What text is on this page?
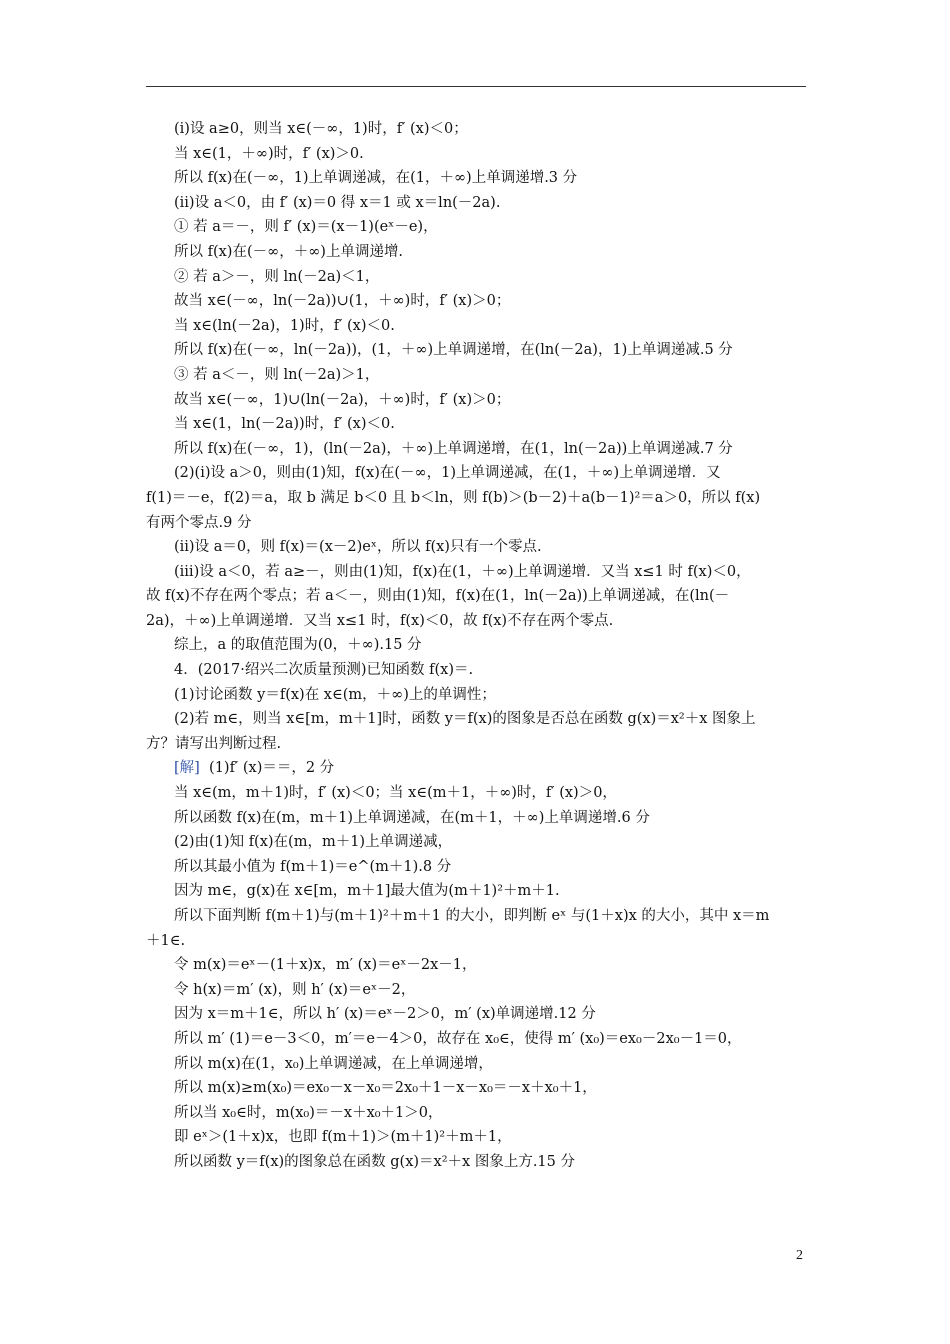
(ⅰ)设 a≥0，则当 x∈(－∞，1)时，f′ (x)＜0；
当 x∈(1，＋∞)时，f′ (x)＞0.
所以 f(x)在(－∞，1)上单调递减，在(1，＋∞)上单调递增.3 分
(ⅱ)设 a＜0，由 f′ (x)＝0 得 x＝1 或 x＝ln(－2a).
① 若 a＝－，则 f′ (x)＝(x－1)(eˣ－e)，
所以 f(x)在(－∞，＋∞)上单调递增.
② 若 a＞－，则 ln(－2a)＜1，
故当 x∈(－∞，ln(－2a))∪(1，＋∞)时，f′ (x)＞0；
当 x∈(ln(－2a)，1)时，f′ (x)＜0.
所以 f(x)在(－∞，ln(－2a))，(1，＋∞)上单调递增，在(ln(－2a)，1)上单调递减.5 分
③ 若 a＜－，则 ln(－2a)＞1，
故当 x∈(－∞，1)∪(ln(－2a)，＋∞)时，f′ (x)＞0；
当 x∈(1，ln(－2a))时，f′ (x)＜0.
所以 f(x)在(－∞，1)，(ln(－2a)，＋∞)上单调递增，在(1，ln(－2a))上单调递减.7 分
(2)(ⅰ)设 a＞0，则由(1)知，f(x)在(－∞，1)上单调递减，在(1，＋∞)上单调递增．又
f(1)＝－e，f(2)＝a，取 b 满足 b＜0 且 b＜ln，则 f(b)＞(b－2)＋a(b－1)²＝a＞0，所以 f(x)
有两个零点.9 分
(ⅱ)设 a＝0，则 f(x)＝(x－2)eˣ，所以 f(x)只有一个零点.
(ⅲ)设 a＜0，若 a≥－，则由(1)知，f(x)在(1，＋∞)上单调递增．又当 x≤1 时 f(x)＜0，
故 f(x)不存在两个零点；若 a＜－，则由(1)知，f(x)在(1，ln(－2a))上单调递减，在(ln(－
2a)，＋∞)上单调递增．又当 x≤1 时，f(x)＜0，故 f(x)不存在两个零点.
综上，a 的取值范围为(0，＋∞).15 分
4．(2017·绍兴二次质量预测)已知函数 f(x)＝.
(1)讨论函数 y＝f(x)在 x∈(m，＋∞)上的单调性；
(2)若 m∈，则当 x∈[m，m＋1]时，函数 y＝f(x)的图象是否总在函数 g(x)＝x²＋x 图象上
方？请写出判断过程.
[解] (1)f′ (x)＝＝，2 分
当 x∈(m，m＋1)时，f′ (x)＜0；当 x∈(m＋1，＋∞)时，f′ (x)＞0，
所以函数 f(x)在(m，m＋1)上单调递减，在(m＋1，＋∞)上单调递增.6 分
(2)由(1)知 f(x)在(m，m＋1)上单调递减，
所以其最小值为 f(m＋1)＝e^(m＋1).8 分
因为 m∈，g(x)在 x∈[m，m＋1]最大值为(m＋1)²＋m＋1.
所以下面判断 f(m＋1)与(m＋1)²＋m＋1 的大小，即判断 eˣ 与(1＋x)x 的大小，其中 x＝m
＋1∈.
令 m(x)＝eˣ－(1＋x)x，m′ (x)＝eˣ－2x－1，
令 h(x)＝m′ (x)，则 h′ (x)＝eˣ－2，
因为 x＝m＋1∈，所以 h′ (x)＝eˣ－2＞0，m′ (x)单调递增.12 分
所以 m′ (1)＝e－3＜0，m′＝e－4＞0，故存在 x₀∈，使得 m′ (x₀)＝ex₀－2x₀－1＝0，
所以 m(x)在(1，x₀)上单调递减，在上单调递增，
所以 m(x)≥m(x₀)＝ex₀－x－x₀＝2x₀＋1－x－x₀＝－x＋x₀＋1，
所以当 x₀∈时，m(x₀)＝－x＋x₀＋1＞0，
即 eˣ＞(1＋x)x，也即 f(m＋1)＞(m＋1)²＋m＋1，
所以函数 y＝f(x)的图象总在函数 g(x)＝x²＋x 图象上方.15 分
2
